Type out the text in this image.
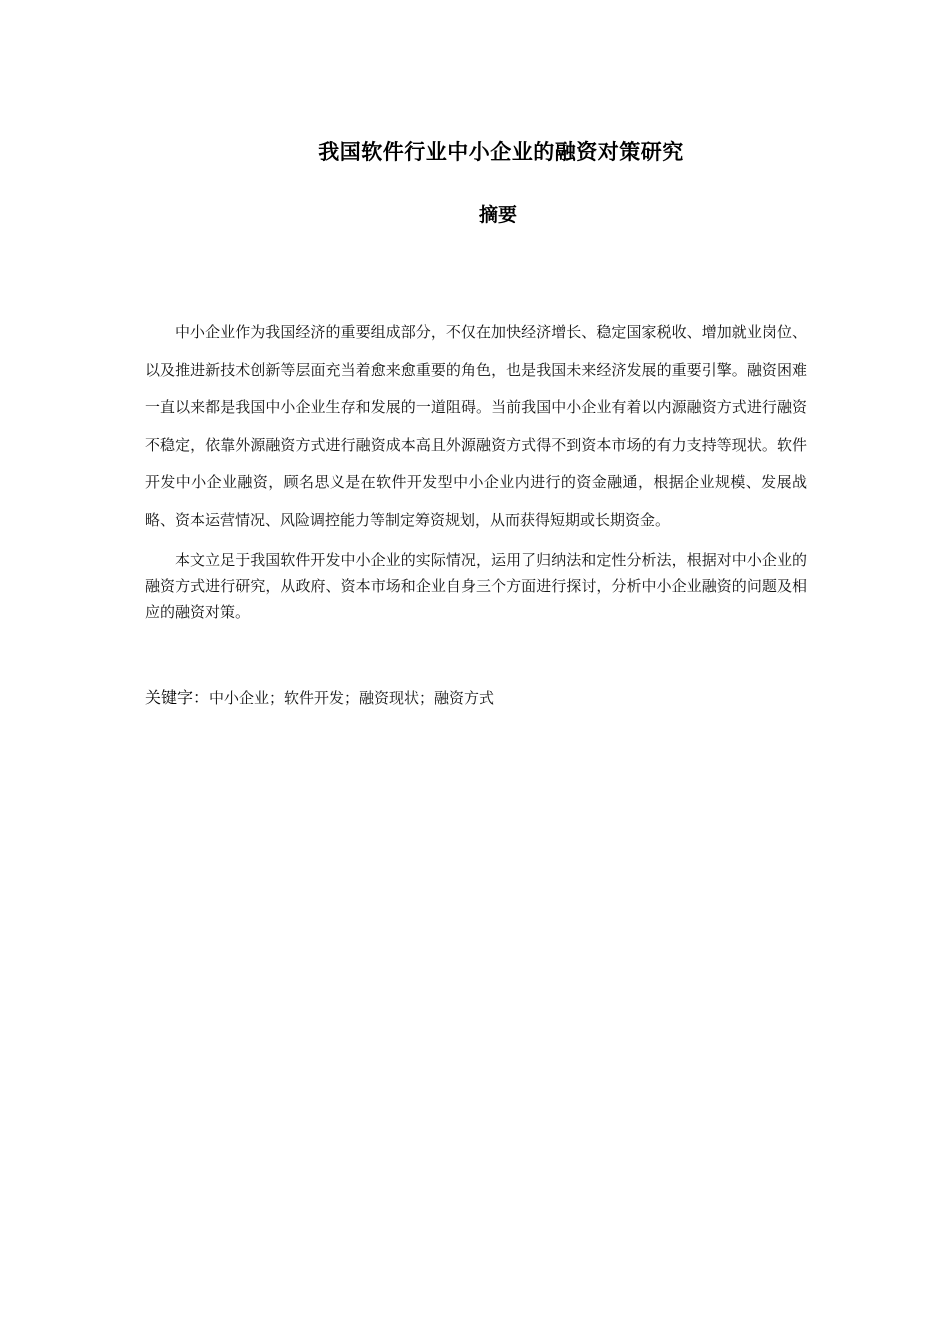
我国软件行业中小企业的融资对策研究
摘要

中小企业作为我国经济的重要组成部分，不仅在加快经济增长、稳定国家税收、增加就业岗位、以及推进新技术创新等层面充当着愈来愈重要的角色，也是我国未来经济发展的重要引擎。融资困难一直以来都是我国中小企业生存和发展的一道阻碍。当前我国中小企业有着以内源融资方式进行融资不稳定，依靠外源融资方式进行融资成本高且外源融资方式得不到资本市场的有力支持等现状。软件开发中小企业融资，顾名思义是在软件开发型中小企业内进行的资金融通，根据企业规模、发展战略、资本运营情况、风险调控能力等制定筹资规划，从而获得短期或长期资金。

本文立足于我国软件开发中小企业的实际情况，运用了归纳法和定性分析法，根据对中小企业的融资方式进行研究，从政府、资本市场和企业自身三个方面进行探讨，分析中小企业融资的问题及相应的融资对策。

关键字：中小企业；软件开发；融资现状；融资方式
